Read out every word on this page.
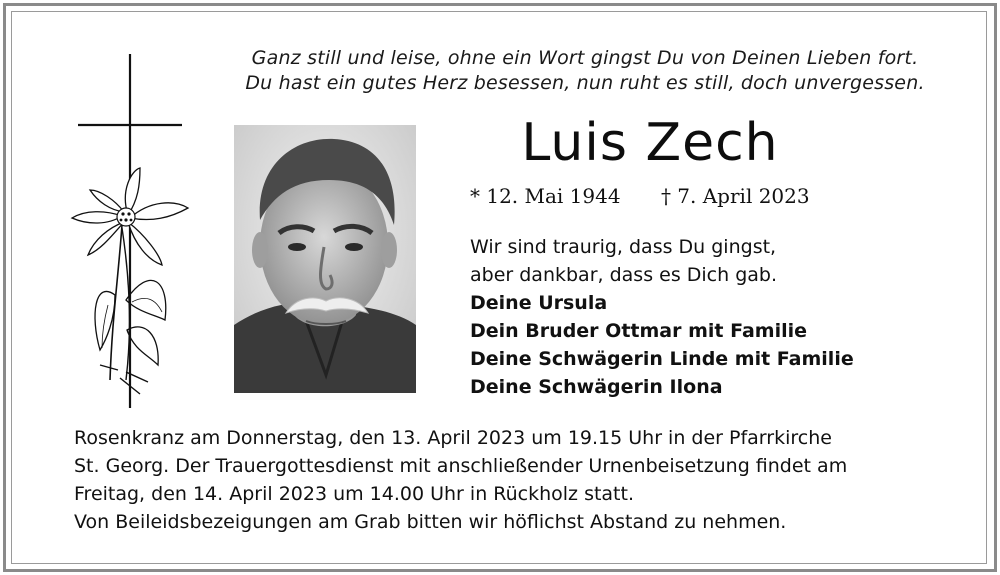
Ganz still und leise, ohne ein Wort gingst Du von Deinen Lieben fort.
Du hast ein gutes Herz besessen, nun ruht es still, doch unvergessen.
Luis Zech
* 12. Mai 1944 † 7. April 2023
Wir sind traurig, dass Du gingst,
aber dankbar, dass es Dich gab.
Deine Ursula
Dein Bruder Ottmar mit Familie
Deine Schwägerin Linde mit Familie
Deine Schwägerin Ilona
Rosenkranz am Donnerstag, den 13. April 2023 um 19.15 Uhr in der Pfarrkirche
St. Georg. Der Trauergottesdienst mit anschließender Urnenbeisetzung findet am
Freitag, den 14. April 2023 um 14.00 Uhr in Rückholz statt.
Von Beileidsbezeigungen am Grab bitten wir höflichst Abstand zu nehmen.
